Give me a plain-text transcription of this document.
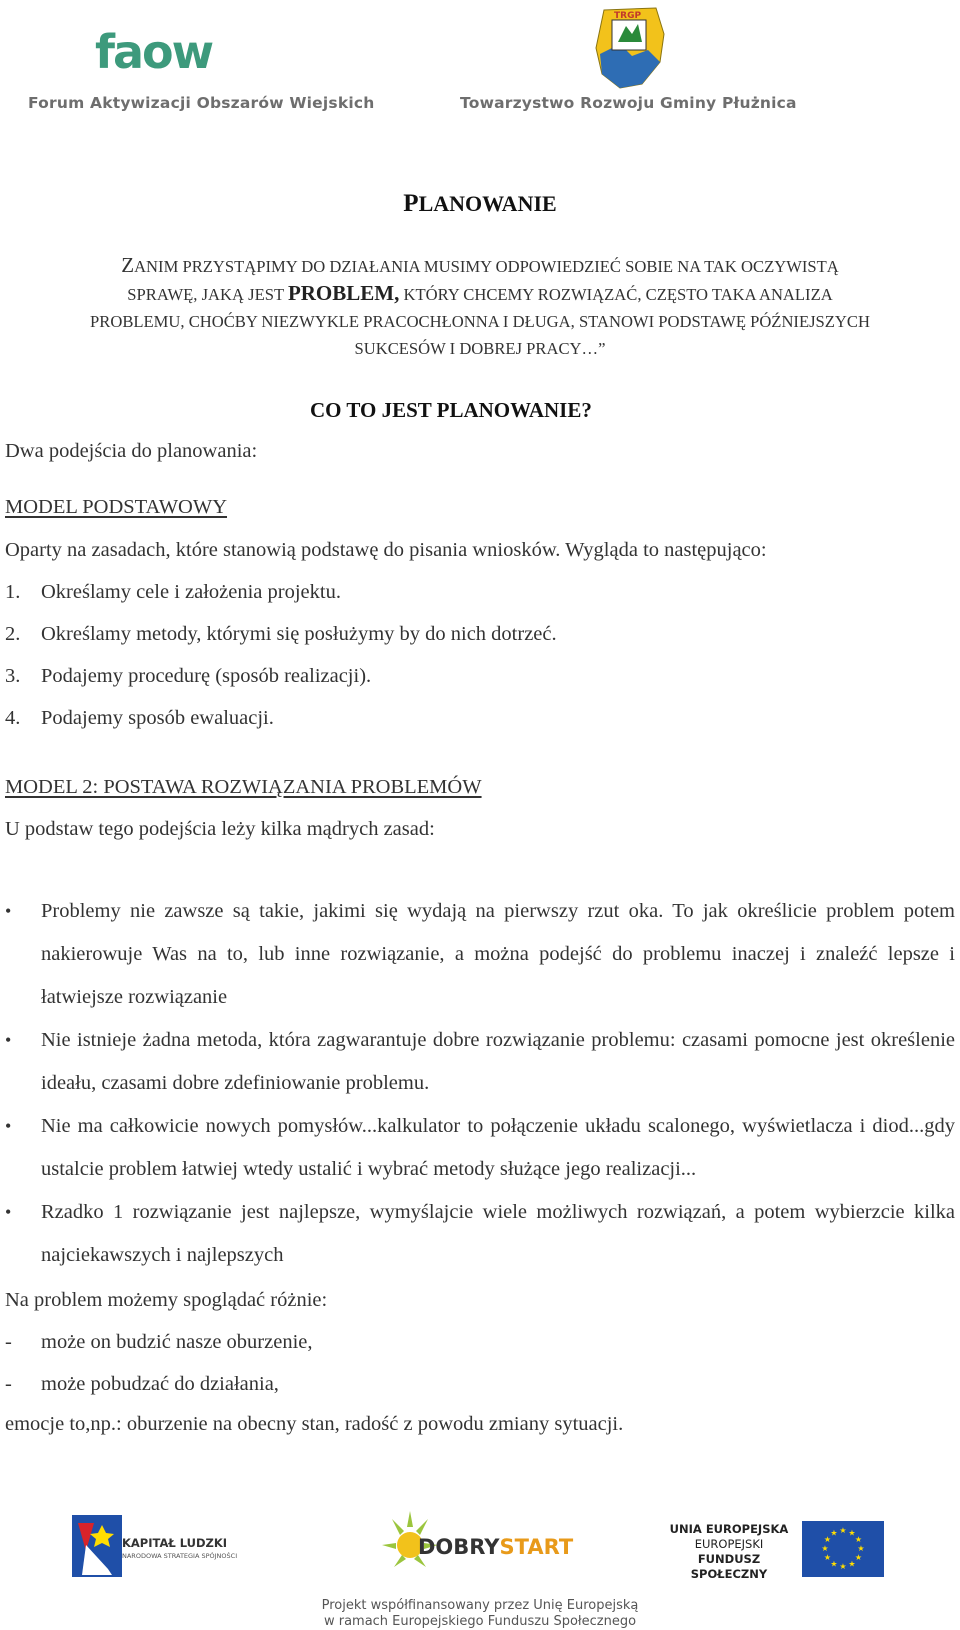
faow
Forum Aktywizacji Obszarów Wiejskich
TRGP
Towarzystwo Rozwoju Gminy Płużnica
PLANOWANIE
ZANIM PRZYSTĄPIMY DO DZIAŁANIA MUSIMY ODPOWIEDZIEĆ SOBIE NA TAK OCZYWISTĄ
SPRAWĘ, JAKĄ JEST PROBLEM, KTÓRY CHCEMY ROZWIĄZAĆ, CZĘSTO TAKA ANALIZA
PROBLEMU, CHOĆBY NIEZWYKLE PRACOCHŁONNA I DŁUGA, STANOWI PODSTAWĘ PÓŹNIEJSZYCH
SUKCESÓW I DOBREJ PRACY…”
CO TO JEST PLANOWANIE?
Dwa podejścia do planowania:
MODEL PODSTAWOWY
Oparty na zasadach, które stanowią podstawę do pisania wniosków. Wygląda to następująco:
1. Określamy cele i założenia projektu.
2. Określamy metody, którymi się posłużymy by do nich dotrzeć.
3. Podajemy procedurę (sposób realizacji).
4. Podajemy sposób ewaluacji.
MODEL 2: POSTAWA ROZWIĄZANIA PROBLEMÓW
U podstaw tego podejścia leży kilka mądrych zasad:
• Problemy nie zawsze są takie, jakimi się wydają na pierwszy rzut oka. To jak określicie problem potem nakierowuje Was na to, lub inne rozwiązanie, a można podejść do problemu inaczej i znaleźć lepsze i łatwiejsze rozwiązanie
• Nie istnieje żadna metoda, która zagwarantuje dobre rozwiązanie problemu: czasami pomocne jest określenie ideału, czasami dobre zdefiniowanie problemu.
• Nie ma całkowicie nowych pomysłów...kalkulator to połączenie układu scalonego, wyświetlacza i diod...gdy ustalcie problem łatwiej wtedy ustalić i wybrać metody służące jego realizacji...
• Rzadko 1 rozwiązanie jest najlepsze, wymyślajcie wiele możliwych rozwiązań, a potem wybierzcie kilka najciekawszych i najlepszych
Na problem możemy spoglądać różnie:
- może on budzić nasze oburzenie,
- może pobudzać do działania,
emocje to,np.: oburzenie na obecny stan, radość z powodu zmiany sytuacji.
KAPITAŁ LUDZKI
NARODOWA STRATEGIA SPÓJNOŚCI	DOBRYSTART
UNIA EUROPEJSKA
EUROPEJSKI
FUNDUSZ SPOŁECZNY
★ ★
★
★
★
★
★
★
★
★
★
★
Projekt współfinansowany przez Unię Europejską
w ramach Europejskiego Funduszu Społecznego
